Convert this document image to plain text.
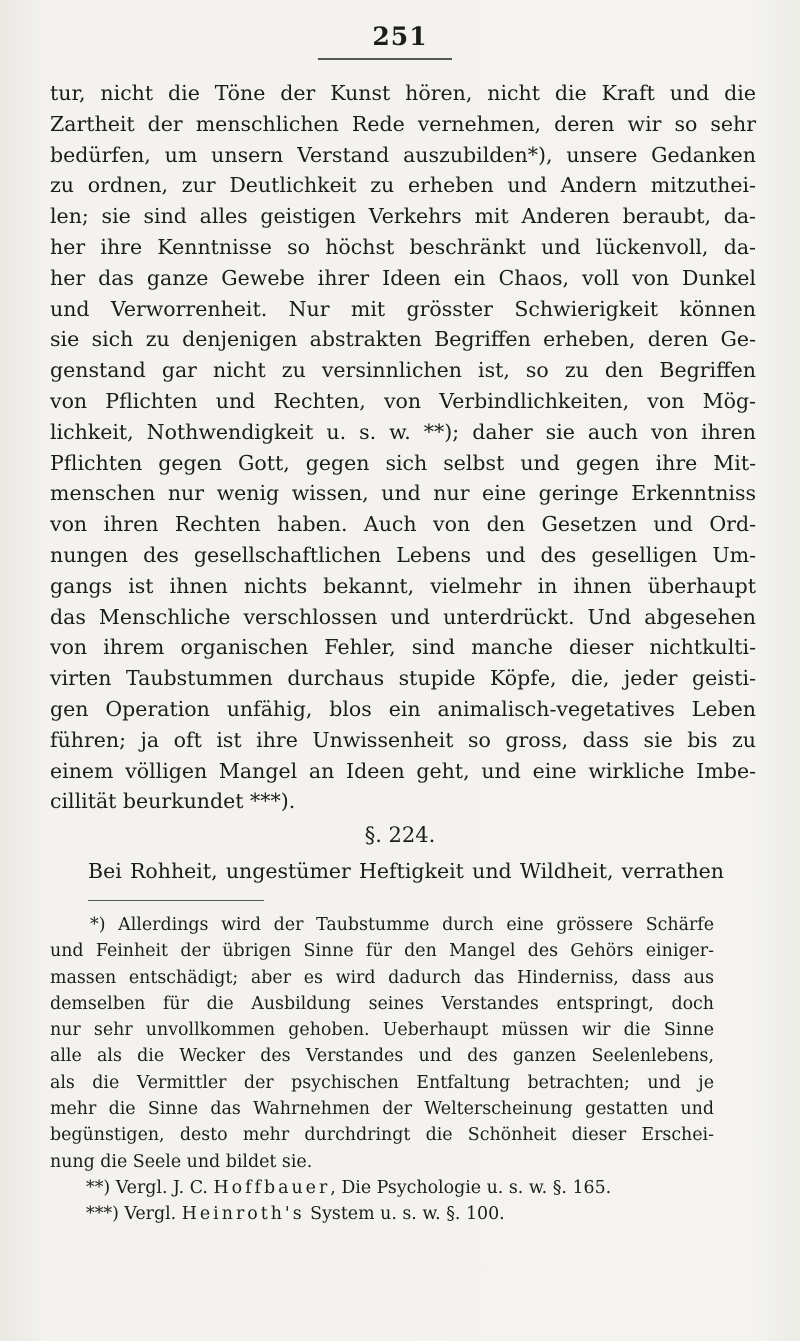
251
tur, nicht die Töne der Kunst hören, nicht die Kraft und die
Zartheit der menschlichen Rede vernehmen, deren wir so sehr
bedürfen, um unsern Verstand auszubilden*), unsere Gedanken
zu ordnen, zur Deutlichkeit zu erheben und Andern mitzuthei-
len; sie sind alles geistigen Verkehrs mit Anderen beraubt, da-
her ihre Kenntnisse so höchst beschränkt und lückenvoll, da-
her das ganze Gewebe ihrer Ideen ein Chaos, voll von Dunkel
und Verworrenheit. Nur mit grösster Schwierigkeit können
sie sich zu denjenigen abstrakten Begriffen erheben, deren Ge-
genstand gar nicht zu versinnlichen ist, so zu den Begriffen
von Pflichten und Rechten, von Verbindlichkeiten, von Mög-
lichkeit, Nothwendigkeit u. s. w. **); daher sie auch von ihren
Pflichten gegen Gott, gegen sich selbst und gegen ihre Mit-
menschen nur wenig wissen, und nur eine geringe Erkenntniss
von ihren Rechten haben. Auch von den Gesetzen und Ord-
nungen des gesellschaftlichen Lebens und des geselligen Um-
gangs ist ihnen nichts bekannt, vielmehr in ihnen überhaupt
das Menschliche verschlossen und unterdrückt. Und abgesehen
von ihrem organischen Fehler, sind manche dieser nichtkulti-
virten Taubstummen durchaus stupide Köpfe, die, jeder geisti-
gen Operation unfähig, blos ein animalisch-vegetatives Leben
führen; ja oft ist ihre Unwissenheit so gross, dass sie bis zu
einem völligen Mangel an Ideen geht, und eine wirkliche Imbe-
cillität beurkundet ***).
§. 224.
Bei Rohheit, ungestümer Heftigkeit und Wildheit, verrathen
*) Allerdings wird der Taubstumme durch eine grössere Schärfe
und Feinheit der übrigen Sinne für den Mangel des Gehörs einiger-
massen entschädigt; aber es wird dadurch das Hinderniss, dass aus
demselben für die Ausbildung seines Verstandes entspringt, doch
nur sehr unvollkommen gehoben. Ueberhaupt müssen wir die Sinne
alle als die Wecker des Verstandes und des ganzen Seelenlebens,
als die Vermittler der psychischen Entfaltung betrachten; und je
mehr die Sinne das Wahrnehmen der Welterscheinung gestatten und
begünstigen, desto mehr durchdringt die Schönheit dieser Erschei-
nung die Seele und bildet sie.
**) Vergl. J. C. Hoffbauer, Die Psychologie u. s. w. §. 165.
***) Vergl. Heinroth's System u. s. w. §. 100.
